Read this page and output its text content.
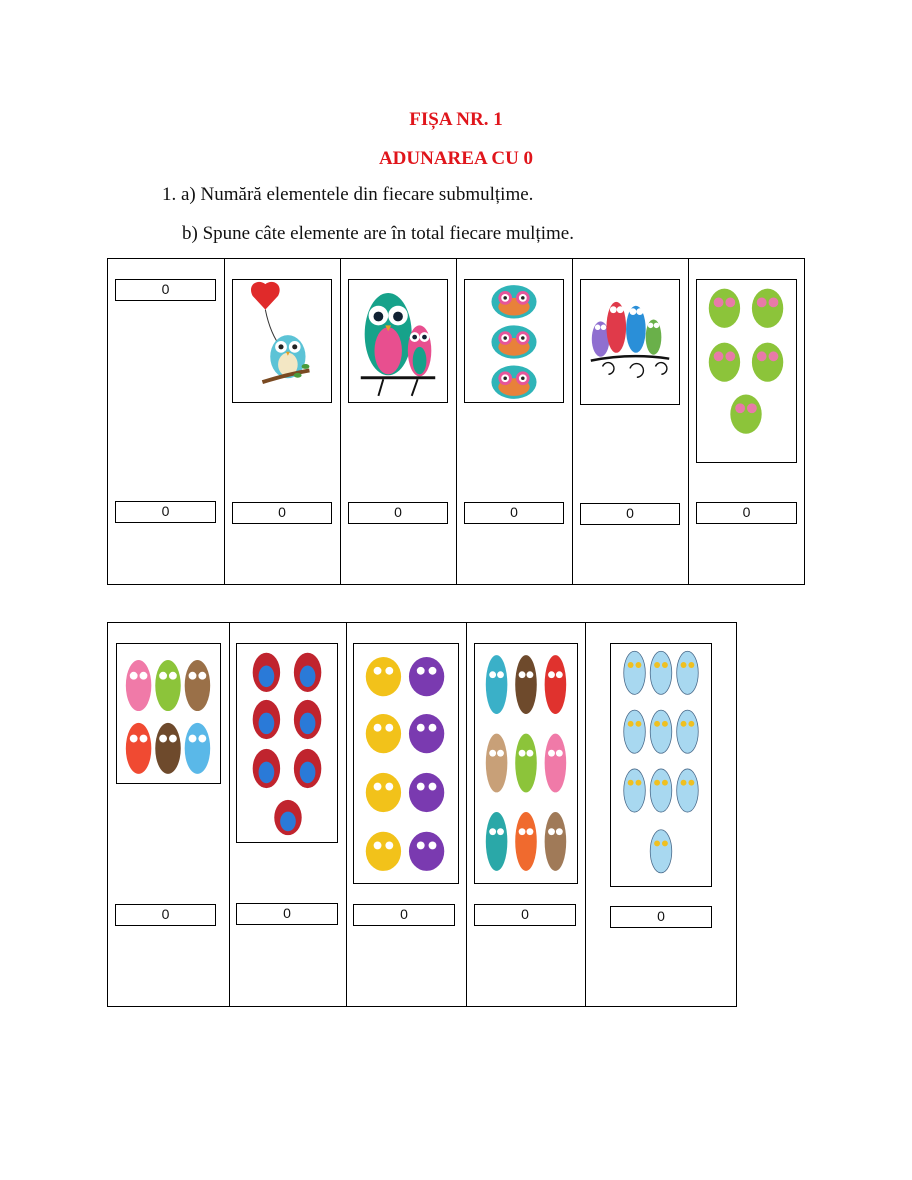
FIȘA NR. 1
ADUNAREA CU 0
1. a) Numără elementele din fiecare submulțime.
b) Spune câte elemente are în total fiecare mulțime.
0
0	0	0	0	0	0
0	0	0	0	0
